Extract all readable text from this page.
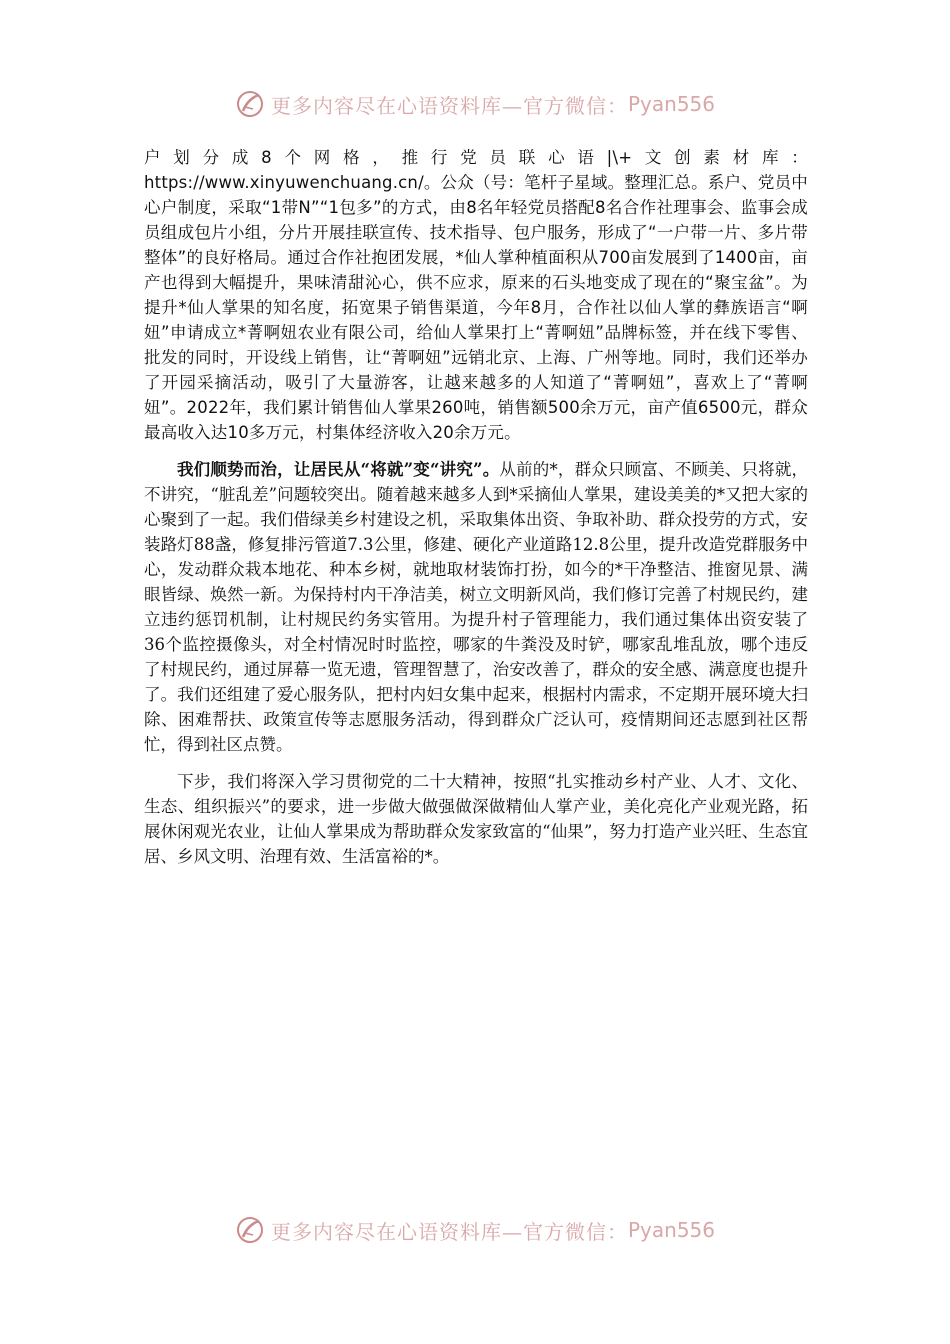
更多内容尽在心语资料库—官方微信： Pyan556

户划分成8个网格，推行党员联心语|\+文创素材库：https://www.xinyuwenchuang.cn/。公众（号：笔杆子星域。整理汇总。系户、党员中心户制度，采取“1带N”“1包多”的方式，由8名年轻党员搭配8名合作社理事会、监事会成员组成包片小组，分片开展挂联宣传、技术指导、包户服务，形成了“一户带一片、多片带整体”的良好格局。通过合作社抱团发展，*仙人掌种植面积从700亩发展到了1400亩，亩产也得到大幅提升，果味清甜沁心，供不应求，原来的石头地变成了现在的“聚宝盆”。为提升*仙人掌果的知名度，拓宽果子销售渠道，今年8月，合作社以仙人掌的彝族语言“啊妞”申请成立*菁啊妞农业有限公司，给仙人掌果打上“菁啊妞”品牌标签，并在线下零售、批发的同时，开设线上销售，让“菁啊妞”远销北京、上海、广州等地。同时，我们还举办了开园采摘活动，吸引了大量游客，让越来越多的人知道了“菁啊妞”，喜欢上了“菁啊妞”。2022年，我们累计销售仙人掌果260吨，销售额500余万元，亩产值6500元，群众最高收入达10多万元，村集体经济收入20余万元。

我们顺势而治，让居民从“将就”变“讲究”。从前的*，群众只顾富、不顾美、只将就，不讲究，“脏乱差”问题较突出。随着越来越多人到*采摘仙人掌果，建设美美的*又把大家的心聚到了一起。我们借绿美乡村建设之机，采取集体出资、争取补助、群众投劳的方式，安装路灯88盏，修复排污管道7.3公里，修建、硬化产业道路12.8公里，提升改造党群服务中心，发动群众栽本地花、种本乡树，就地取材装饰打扮，如今的*干净整洁、推窗见景、满眼皆绿、焕然一新。为保持村内干净洁美，树立文明新风尚，我们修订完善了村规民约，建立违约惩罚机制，让村规民约务实管用。为提升村子管理能力，我们通过集体出资安装了36个监控摄像头，对全村情况时时监控，哪家的牛粪没及时铲，哪家乱堆乱放，哪个违反了村规民约，通过屏幕一览无遗，管理智慧了，治安改善了，群众的安全感、满意度也提升了。我们还组建了爱心服务队，把村内妇女集中起来，根据村内需求，不定期开展环境大扫除、困难帮扶、政策宣传等志愿服务活动，得到群众广泛认可，疫情期间还志愿到社区帮忙，得到社区点赞。

下步，我们将深入学习贯彻党的二十大精神，按照“扎实推动乡村产业、人才、文化、生态、组织振兴”的要求，进一步做大做强做深做精仙人掌产业，美化亮化产业观光路，拓展休闲观光农业，让仙人掌果成为帮助群众发家致富的“仙果”，努力打造产业兴旺、生态宜居、乡风文明、治理有效、生活富裕的*。

更多内容尽在心语资料库—官方微信： Pyan556
